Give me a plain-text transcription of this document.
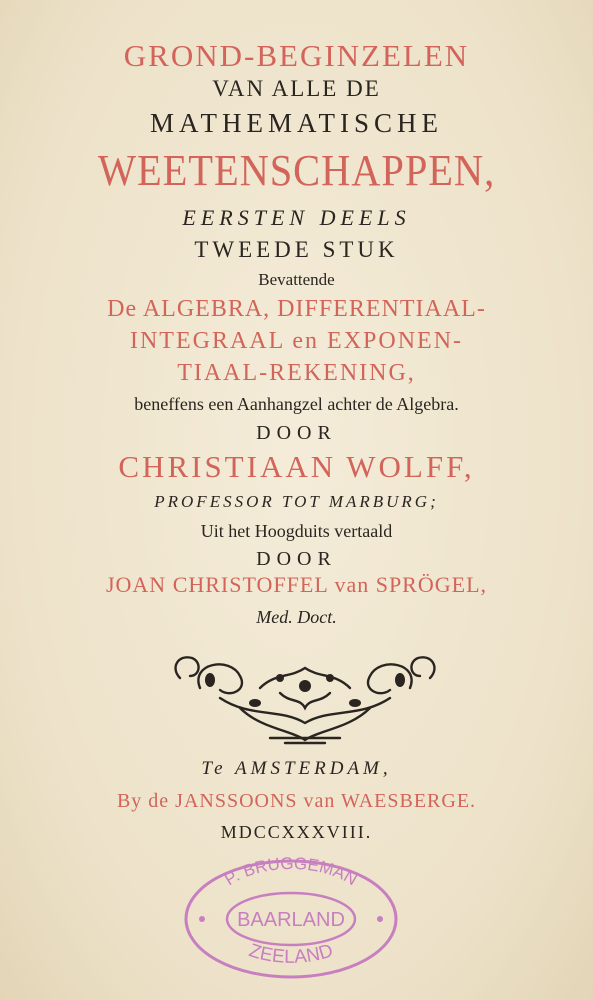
GROND-BEGINZELEN
VAN ALLE DE
MATHEMATISCHE
WEETENSCHAPPEN,
EERSTEN DEELS
TWEEDE STUK
Bevattende
De ALGEBRA, DIFFERENTIAAL-
INTEGRAAL en EXPONEN-
TIAAL-REKENING,
beneffens een Aanhangzel achter de Algebra.
DOOR
CHRISTIAAN WOLFF,
PROFESSOR TOT MARBURG;
Uit het Hoogduits vertaald
DOOR
JOAN CHRISTOFFEL van SPRÖGEL,
Med. Doct.
Te AMSTERDAM,
By de JANSSOONS van WAESBERGE.
MDCCXXXVIII.
P. BRUGGEMAN
BAARLAND
ZEELAND
